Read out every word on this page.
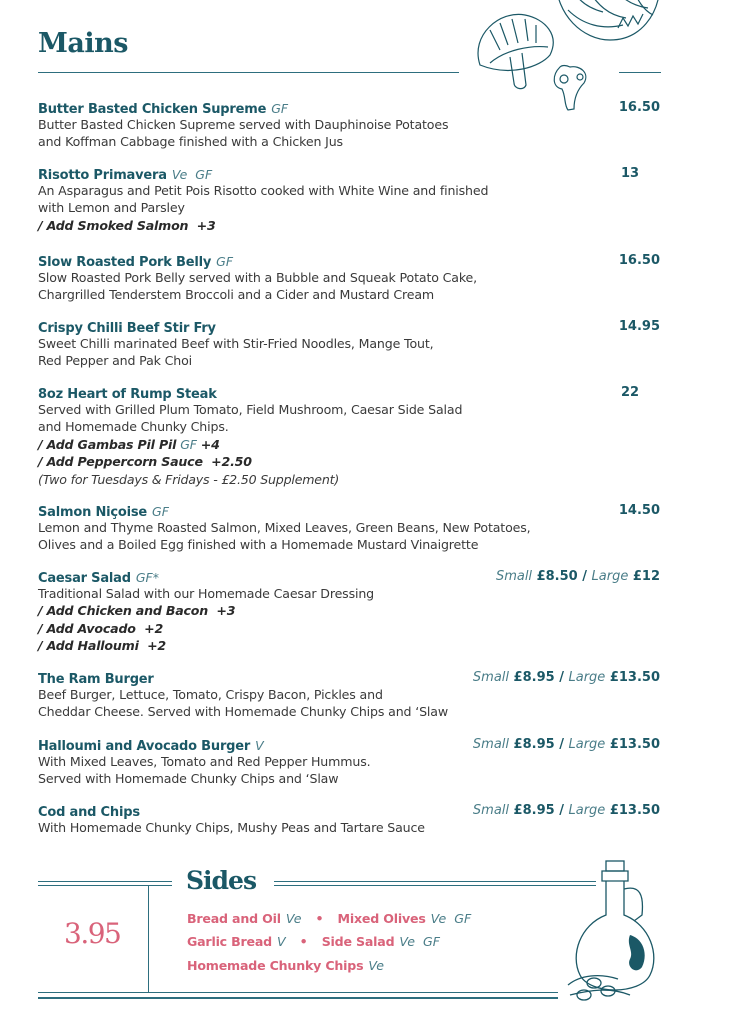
Mains
Butter Basted Chicken Supreme GF	16.50
Butter Basted Chicken Supreme served with Dauphinoise Potatoes
and Koffman Cabbage finished with a Chicken Jus
Risotto Primavera Ve  GF	13
An Asparagus and Petit Pois Risotto cooked with White Wine and finished
with Lemon and Parsley
/ Add Smoked Salmon +3
Slow Roasted Pork Belly GF	16.50
Slow Roasted Pork Belly served with a Bubble and Squeak Potato Cake,
Chargrilled Tenderstem Broccoli and a Cider and Mustard Cream
Crispy Chilli Beef Stir Fry	14.95
Sweet Chilli marinated Beef with Stir-Fried Noodles, Mange Tout,
Red Pepper and Pak Choi
8oz Heart of Rump Steak	22
Served with Grilled Plum Tomato, Field Mushroom, Caesar Side Salad
and Homemade Chunky Chips.
/ Add Gambas Pil Pil GF +4
/ Add Peppercorn Sauce +2.50
(Two for Tuesdays & Fridays - £2.50 Supplement)
Salmon Niçoise GF	14.50
Lemon and Thyme Roasted Salmon, Mixed Leaves, Green Beans, New Potatoes,
Olives and a Boiled Egg finished with a Homemade Mustard Vinaigrette
Caesar Salad GF*	Small £8.50 / Large £12
Traditional Salad with our Homemade Caesar Dressing
/ Add Chicken and Bacon +3
/ Add Avocado +2
/ Add Halloumi +2
The Ram Burger	Small £8.95 / Large £13.50
Beef Burger, Lettuce, Tomato, Crispy Bacon, Pickles and
Cheddar Cheese. Served with Homemade Chunky Chips and ‘Slaw
Halloumi and Avocado Burger V	Small £8.95 / Large £13.50
With Mixed Leaves, Tomato and Red Pepper Hummus.
Served with Homemade Chunky Chips and ‘Slaw
Cod and Chips	Small £8.95 / Large £13.50
With Homemade Chunky Chips, Mushy Peas and Tartare Sauce
Sides
3.95	Bread and Oil Ve • Mixed Olives Ve  GF
Garlic Bread V • Side Salad Ve  GF
Homemade Chunky Chips Ve
